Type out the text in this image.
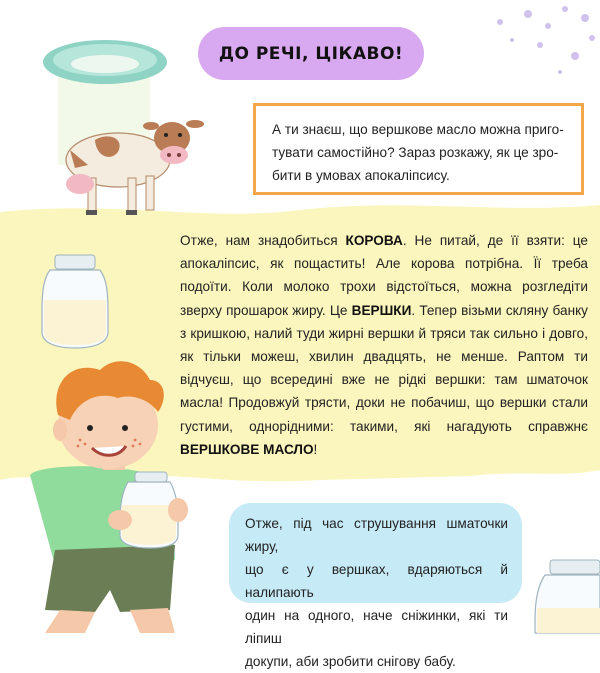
ДО РЕЧІ, ЦІКАВО!

А ти знаєш, що вершкове масло можна приго-
тувати самостійно? Зараз розкажу, як це зро-
бити в умовах апокаліпсису.

Отже, нам знадобиться КОРОВА. Не питай, де її взяти: це апокаліпсис, як пощастить! Але корова потрібна. Її треба подоїти. Коли молоко трохи відстоїться, можна розгледіти зверху прошарок жиру. Це ВЕРШКИ. Тепер візьми скляну банку з кришкою, налий туди жирні вершки й тряси так сильно і довго, як тільки можеш, хвилин двадцять, не менше. Раптом ти відчуєш, що всередині вже не рідкі вершки: там шматочок масла! Продовжуй трясти, доки не побачиш, що вершки стали густими, однорідними: такими, які нагадують справжнє ВЕРШКОВЕ МАСЛО!

Отже, під час струшування шматочки жиру,
що є у вершках, вдаряються й налипають
один на одного, наче сніжинки, які ти ліпиш
докупи, аби зробити снігову бабу.
